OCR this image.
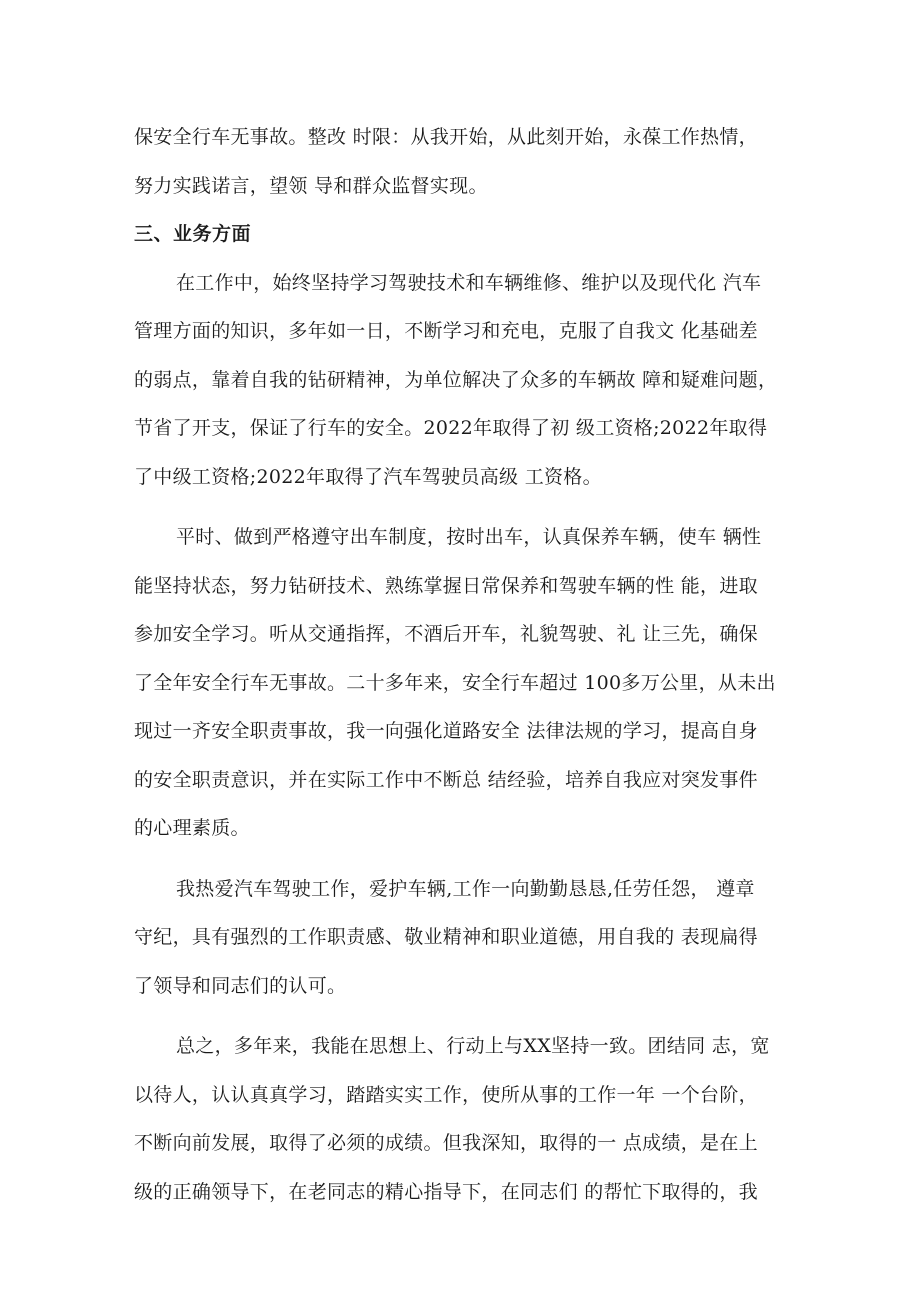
保安全行车无事故。整改 时限：从我开始，从此刻开始，永葆工作热情，
努力实践诺言，望领 导和群众监督实现。
三、业务方面
在工作中，始终坚持学习驾驶技术和车辆维修、维护以及现代化 汽车
管理方面的知识，多年如一日，不断学习和充电，克服了自我文 化基础差
的弱点，靠着自我的钻研精神，为单位解决了众多的车辆故 障和疑难问题，
节省了开支，保证了行车的安全。2022年取得了初 级工资格;2022年取得
了中级工资格;2022年取得了汽车驾驶员高级 工资格。
平时、做到严格遵守出车制度，按时出车，认真保养车辆，使车 辆性
能坚持状态，努力钻研技术、熟练掌握日常保养和驾驶车辆的性 能，进取
参加安全学习。听从交通指挥，不酒后开车，礼貌驾驶、礼 让三先，确保
了全年安全行车无事故。二十多年来，安全行车超过 100多万公里，从未出
现过一齐安全职责事故，我一向强化道路安全 法律法规的学习，提高自身
的安全职责意识，并在实际工作中不断总 结经验，培养自我应对突发事件
的心理素质。
我热爱汽车驾驶工作，爱护车辆,工作一向勤勤恳恳,任劳任怨， 遵章
守纪，具有强烈的工作职责感、敬业精神和职业道德，用自我的 表现扁得
了领导和同志们的认可。
总之，多年来，我能在思想上、行动上与XX坚持一致。团结同 志，宽
以待人，认认真真学习，踏踏实实工作，使所从事的工作一年 一个台阶，
不断向前发展，取得了必须的成绩。但我深知，取得的一 点成绩，是在上
级的正确领导下，在老同志的精心指导下，在同志们 的帮忙下取得的，我
